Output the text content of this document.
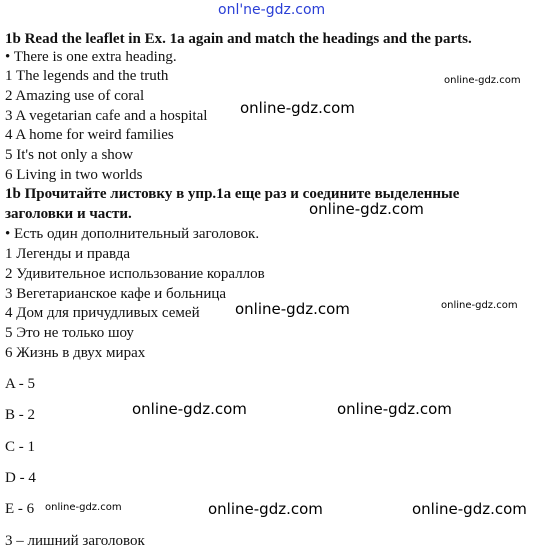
onl'ne-gdz.com
1b Read the leaflet in Ex. 1a again and match the headings and the parts.
• There is one extra heading.
1 The legends and the truth
2 Amazing use of coral
3 A vegetarian cafe and a hospital
4 A home for weird families
5 It's not only a show
6 Living in two worlds
1b Прочитайте листовку в упр.1a еще раз и соедините выделенные
заголовки и части.
• Есть один дополнительный заголовок.
1 Легенды и правда
2 Удивительное использование кораллов
3 Вегетарианское кафе и больница
4 Дом для причудливых семей
5 Это не только шоу
6 Жизнь в двух мирах
A - 5
B - 2
C - 1
D - 4
E - 6
3 – лишний заголовок
online-gdz.com
online-gdz.com
online-gdz.com
online-gdz.com
online-gdz.com
online-gdz.com	online-gdz.com
online-gdz.com	online-gdz.com	online-gdz.com
